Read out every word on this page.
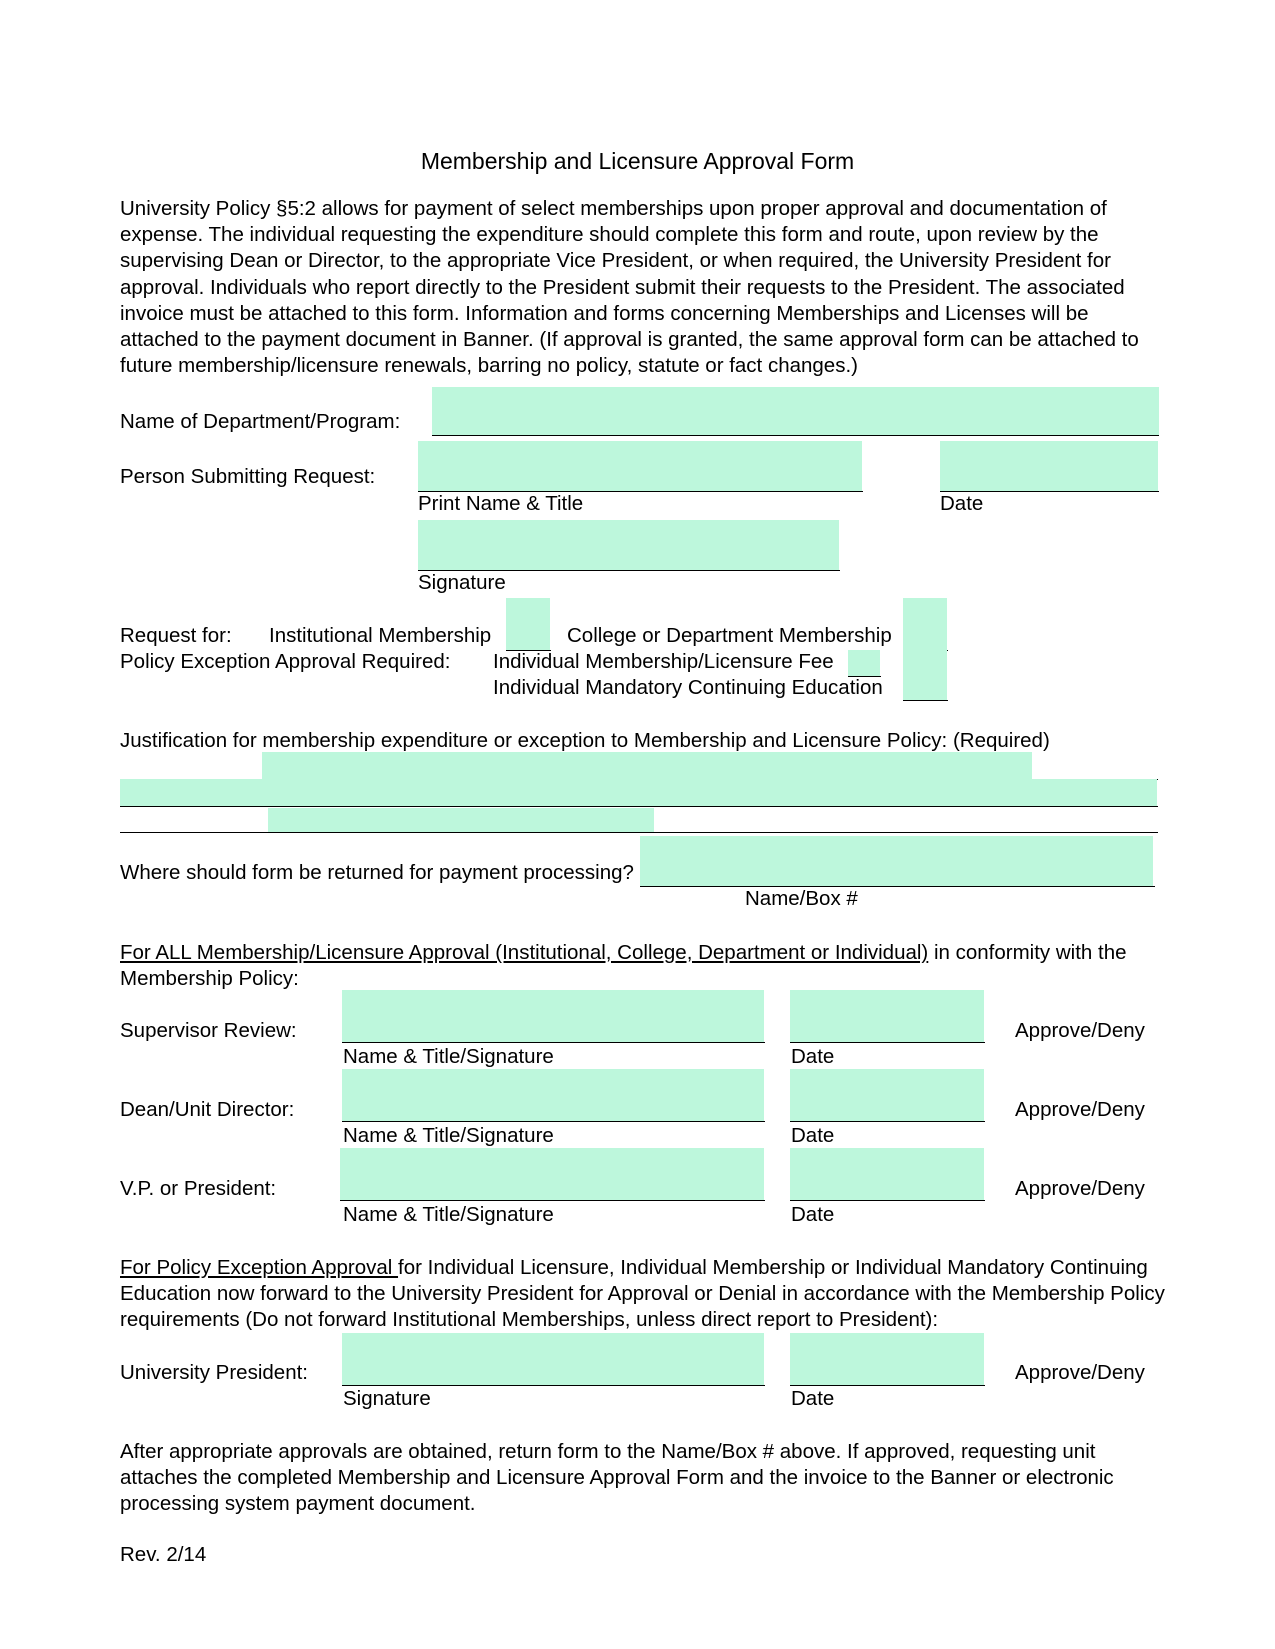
Membership and Licensure Approval Form
University Policy §5:2 allows for payment of select memberships upon proper approval and documentation of expense. The individual requesting the expenditure should complete this form and route, upon review by the supervising Dean or Director, to the appropriate Vice President, or when required, the University President for approval. Individuals who report directly to the President submit their requests to the President. The associated invoice must be attached to this form. Information and forms concerning Memberships and Licenses will be attached to the payment document in Banner. (If approval is granted, the same approval form can be attached to future membership/licensure renewals, barring no policy, statute or fact changes.)
Name of Department/Program:
Person Submitting Request:
Print Name & Title	Date
Signature
Request for: Institutional Membership	College or Department Membership
Policy Exception Approval Required: Individual Membership/Licensure Fee
Individual Mandatory Continuing Education
Justification for membership expenditure or exception to Membership and Licensure Policy: (Required)
Where should form be returned for payment processing?
Name/Box #
For ALL Membership/Licensure Approval (Institutional, College, Department or Individual) in conformity with the Membership Policy:
Supervisor Review:	Approve/Deny
Name & Title/Signature	Date
Dean/Unit Director:	Approve/Deny
Name & Title/Signature	Date
V.P. or President:	Approve/Deny
Name & Title/Signature	Date
For Policy Exception Approval for Individual Licensure, Individual Membership or Individual Mandatory Continuing Education now forward to the University President for Approval or Denial in accordance with the Membership Policy requirements (Do not forward Institutional Memberships, unless direct report to President):
University President:	Approve/Deny
Signature	Date
After appropriate approvals are obtained, return form to the Name/Box # above. If approved, requesting unit attaches the completed Membership and Licensure Approval Form and the invoice to the Banner or electronic processing system payment document.
Rev. 2/14
